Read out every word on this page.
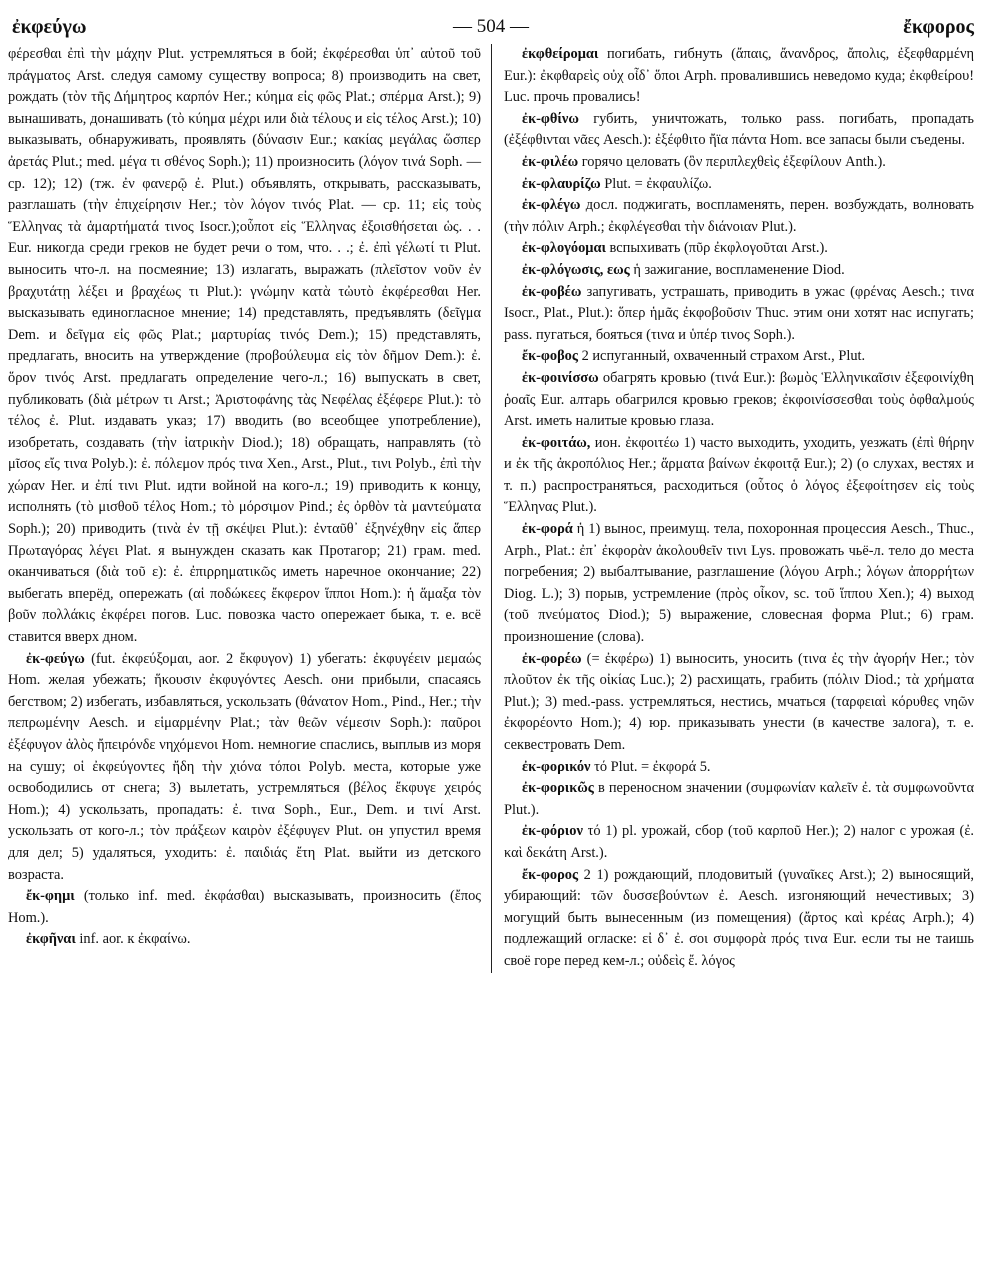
ἐκφεύγω	— 504 —	ἔκφορος

φέρεσθαι ἐπὶ τὴν μάχην Plut. устремляться в бой; ἐκφέρεσθαι ὑπ᾽ αὐτοῦ τοῦ πράγματος Arst. следуя самому существу вопроса; 8) производить на свет, рождать (τὸν τῆς Δήμητρος καρπόν Her.; κύημα εἰς φῶς Plat.; σπέρμα Arst.); 9) вынашивать, донашивать (τὸ κύημα μέχρι или διὰ τέλους и εἰς τέλος Arst.); 10) выказывать, обнаруживать, проявлять (δύνασιν Eur.; κακίας μεγάλας ὥσπερ ἀρετάς Plut.; med. μέγα τι σθένος Soph.); 11) произносить (λόγον τινά Soph. — ср. 12); 12) (тж. ἐν φανερῷ ἐ. Plut.) объявлять, открывать, рассказывать, разглашать (τὴν ἐπιχείρησιν Her.; τὸν λόγον τινός Plat. — ср. 11; εἰς τοὺς Ἕλληνας τὰ ἁμαρτήματά τινος Isocr.);οὗποτ εἰς Ἕλληνας ἐξοισθήσεται ὡς. . . Eur. никогда среди греков не будет речи о том, что. . .; ἐ. ἐπὶ γέλωτί τι Plut. выносить что-л. на посмеяние; 13) излагать, выражать (πλεῖστον νοῦν ἐν βραχυτάτῃ λέξει и βραχέως τι Plut.): γνώμην κατὰ τὠυτὸ ἐκφέρεσθαι Her. высказывать единогласное мнение; 14) представлять, предъявлять (δεῖγμα Dem. и δεῖγμα εἰς φῶς Plat.; μαρτυρίας τινός Dem.); 15) представлять, предлагать, вносить на утверждение (προβούλευμα εἰς τὸν δῆμον Dem.): ἐ. ὅρον τινός Arst. предлагать определение чего-л.; 16) выпускать в свет, публиковать (διὰ μέτρων τι Arst.; Ἀριστοφάνης τὰς Νεφέλας ἐξέφερε Plut.): τὸ τέλος ἐ. Plut. издавать указ; 17) вводить (во всеобщее употребление), изобретать, создавать (τὴν ἰατρικὴν Diod.); 18) обращать, направлять (τὸ μῖσος εἴς τινα Polyb.): ἐ. πόλεμον πρός τινα Xen., Arst., Plut., τινι Polyb., ἐπὶ τὴν χώραν Her. и ἐπί τινι Plut. идти войной на кого-л.; 19) приводить к концу, исполнять (τὸ μισθοῦ τέλος Hom.; τὸ μόρσιμον Pind.; ἐς ὀρθὸν τὰ μαντεύματα Soph.); 20) приводить (τινὰ ἐν τῇ σκέψει Plut.): ἐνταῦθ᾽ ἐξηνέχθην εἰς ἅπερ Πρωταγόρας λέγει Plat. я вынужден сказать как Протагор; 21) грам. med. оканчиваться (διὰ τοῦ ε): ἐ. ἐπιρρηματικῶς иметь наречное окончание; 22) выбегать вперёд, опережать (αἱ ποδώκεες ἔκφερον ἵπποι Hom.): ἡ ἅμαξα τὸν βοῦν πολλάκις ἐκφέρει погов. Luc. повозка часто опережает быка, т. е. всё ставится вверх дном.

ἐκ-φεύγω (fut. ἐκφεύξομαι, aor. 2 ἔκφυγον) 1) убегать: ἐκφυγέειν μεμαώς Hom. желая убежать; ἥκουσιν ἐκφυγόντες Aesch. они прибыли, спасаясь бегством; 2) избегать, избавляться, ускользать (θάνατον Hom., Pind., Her.; τὴν πεπρωμένην Aesch. и εἱμαρμένην Plat.; τὰν θεῶν νέμεσιν Soph.): παῦροι ἐξέφυγον ἁλὸς ἤπειρόνδε νηχόμενοι Hom. немногие спаслись, выплыв из моря на сушу; οἱ ἐκφεύγοντες ἤδη τὴν χιόνα τόποι Polyb. места, которые уже освободились от снега; 3) вылетать, устремляться (βέλος ἔκφυγε χειρός Hom.); 4) ускользать, пропадать: ἐ. τινα Soph., Eur., Dem. и τινί Arst. ускользать от кого-л.; τὸν πράξεων καιρὸν ἐξέφυγεν Plut. он упустил время для дел; 5) удаляться, уходить: ἐ. παιδιάς ἔτη Plat. выйти из детского возраста.

ἔκ-φημι (только inf. med. ἐκφάσθαι) высказывать, произносить (ἔπος Hom.).

ἐκφῆναι inf. aor. к ἐκφαίνω.

ἐκφθείρομαι погибать, гибнуть (ἄπαις, ἄνανδρος, ἄπολις, ἐξεφθαρμένη Eur.): ἐκφθαρεὶς οὐχ οἶδ᾽ ὅποι Arph. провалившись неведомо куда; ἐκφθείρου! Luc. прочь провались!

ἐκ-φθίνω губить, уничтожать, только pass. погибать, пропадать (ἐξέφθινται νᾶες Aesch.): ἐξέφθιτο ἤϊα πάντα Hom. все запасы были съедены.

ἐκ-φιλέω горячо целовать (ὃν περιπλεχθεὶς ἐξεφίλουν Anth.).

ἐκ-φλαυρίζω Plut. = ἐκφαυλίζω.

ἐκ-φλέγω досл. поджигать, воспламенять, перен. возбуждать, волновать (τὴν πόλιν Arph.; ἐκφλέγεσθαι τὴν διάνοιαν Plut.).

ἐκ-φλογόομαι вспыхивать (πῦρ ἐκφλογοῦται Arst.).

ἐκ-φλόγωσις, εως ἡ зажигание, воспламенение Diod.

ἐκ-φοβέω запугивать, устрашать, приводить в ужас (φρένας Aesch.; τινα Isocr., Plat., Plut.): ὅπερ ἡμᾶς ἐκφοβοῦσιν Thuc. этим они хотят нас испугать; pass. пугаться, бояться (τινα и ὑπέρ τινος Soph.).

ἔκ-φοβος 2 испуганный, охваченный страхом Arst., Plut.

ἐκ-φοινίσσω обагрять кровью (τινά Eur.): βωμὸς Ἑλληνικαῖσιν ἐξεφοινίχθη ῥοαῖς Eur. алтарь обагрился кровью греков; ἐκφοινίσσεσθαι τοὺς ὀφθαλμούς Arst. иметь налитые кровью глаза.

ἐκ-φοιτάω, ион. ἐκφοιτέω 1) часто выходить, уходить, уезжать (ἐπὶ θήρην и ἐκ τῆς ἀκροπόλιος Her.; ἅρματα βαίνων ἐκφοιτᾷ Eur.); 2) (о слухах, вестях и т. п.) распространяться, расходиться (οὗτος ὁ λόγος ἐξεφοίτησεν εἰς τοὺς Ἕλληνας Plut.).

ἐκ-φορά ἡ 1) вынос, преимущ. тела, похоронная процессия Aesch., Thuc., Arph., Plat.: ἐπ᾽ ἐκφορὰν ἀκολουθεῖν τινι Lys. провожать чьё-л. тело до места погребения; 2) выбалтывание, разглашение (λόγου Arph.; λόγων ἀπορρήτων Diog. L.); 3) порыв, устремление (πρὸς οἶκον, sc. τοῦ ἵππου Xen.); 4) выход (τοῦ πνεύματος Diod.); 5) выражение, словесная форма Plut.; 6) грам. произношение (слова).

ἐκ-φορέω (= ἐκφέρω) 1) выносить, уносить (τινα ἐς τὴν ἀγορήν Her.; τὸν πλοῦτον ἐκ τῆς οἰκίας Luc.); 2) расхищать, грабить (πόλιν Diod.; τὰ χρήματα Plut.); 3) med.-pass. устремляться, нестись, мчаться (ταρφειαὶ κόρυθες νηῶν ἐκφορέοντο Hom.); 4) юр. приказывать унести (в качестве залога), т. е. секвестровать Dem.

ἐκ-φορικόν τό Plut. = ἐκφορά 5.

ἐκ-φορικῶς в переносном значении (συμφωνίαν καλεῖν ἐ. τὰ συμφωνοῦντα Plut.).

ἐκ-φόριον τό 1) pl. урожай, сбор (τοῦ καρποῦ Her.); 2) налог с урожая (ἐ. καὶ δεκάτη Arst.).

ἔκ-φορος 2 1) рождающий, плодовитый (γυναῖκες Arst.); 2) выносящий, убирающий: τῶν δυσσεβούντων ἐ. Aesch. изгоняющий нечестивых; 3) могущий быть вынесенным (из помещения) (ἄρτος καὶ κρέας Arph.); 4) подлежащий огласке: εἰ δ᾽ ἐ. σοι συμφορὰ πρός τινα Eur. если ты не таишь своё горе перед кем-л.; οὐδεὶς ἔ. λόγος
